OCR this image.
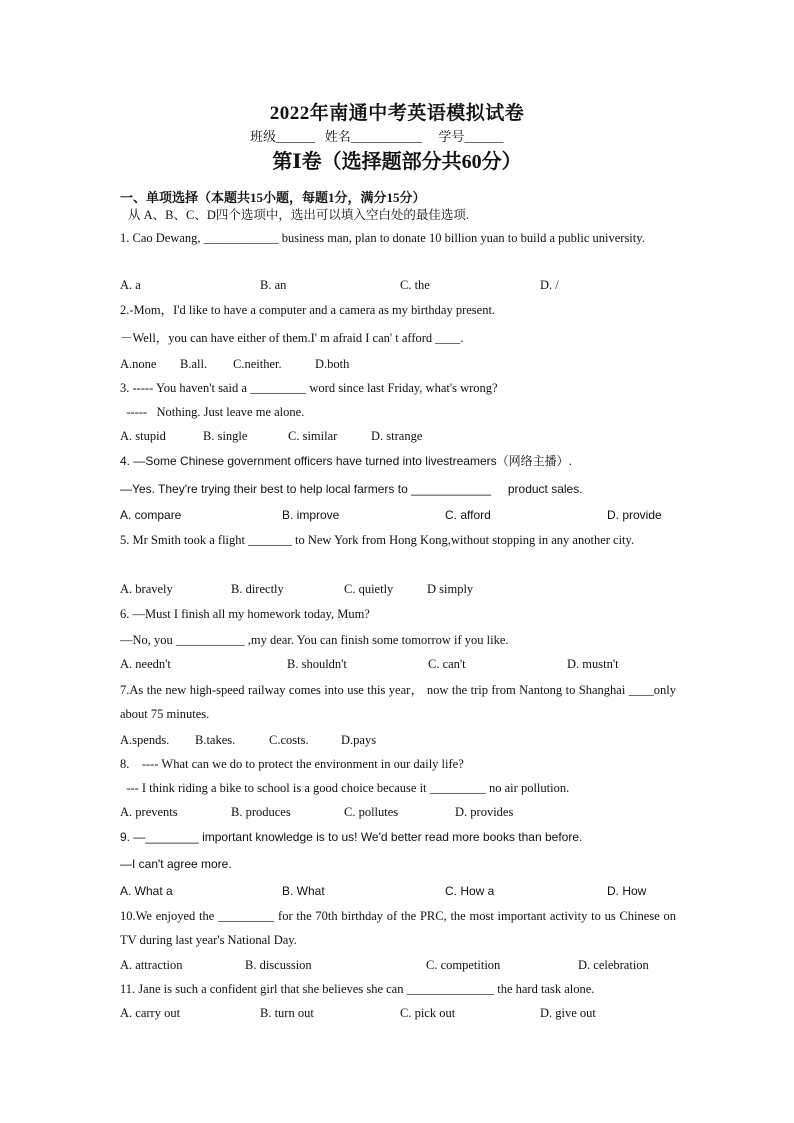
2022年南通中考英语模拟试卷
班级______   姓名___________     学号______
第Ⅰ卷（选择题部分共60分）
一、单项选择（本题共15小题，每题1分，满分15分）
从 A、B、C、D四个选项中，选出可以填入空白处的最佳选项.
1. Cao Dewang, ____________ business man, plan to donate 10 billion yuan to build a public university.
A. a	B. an	C. the	D. /
2.-Mom，I'd like to have a computer and a camera as my birthday present.
－Well，you can have either of them.I' m afraid I can' t afford ____.
A.none B.all. C.neither.	D.both
3. ----- You haven't said a _________ word since last Friday, what's wrong?
-----   Nothing. Just leave me alone.
A. stupid	B. single	C. similar	D. strange
4. —Some Chinese government officers have turned into livestreamers（网络主播）.
—Yes. They're trying their best to help local farmers to ____________     product sales.
A. compare	B. improve	C. afford	D. provide
5. Mr Smith took a flight _______ to New York from Hong Kong,without stopping in any another city.
A. bravely	B. directly	C. quietly	D simply
6. —Must I finish all my homework today, Mum?
—No, you ___________ ,my dear. You can finish some tomorrow if you like.
A. needn't	B. shouldn't	C. can't	D. mustn't
7.As the new high-speed railway comes into use this year， now the trip from Nantong to Shanghai ____only about 75 minutes.
A.spends. B.takes.	C.costs.	D.pays
8.    ---- What can we do to protect the environment in our daily life?
--- I think riding a bike to school is a good choice because it _________ no air pollution.
A. prevents	B. produces	C. pollutes	D. provides
9. —________ important knowledge is to us! We'd better read more books than before.
—I can't agree more.
A. What a	B. What	C. How a	D. How
10.We enjoyed the _________ for the 70th birthday of the PRC, the most important activity to us Chinese on TV during last year's National Day.
A. attraction	B. discussion	C. competition	D. celebration
11. Jane is such a confident girl that she believes she can ______________ the hard task alone.
A. carry out	B. turn out	C. pick out	D. give out
